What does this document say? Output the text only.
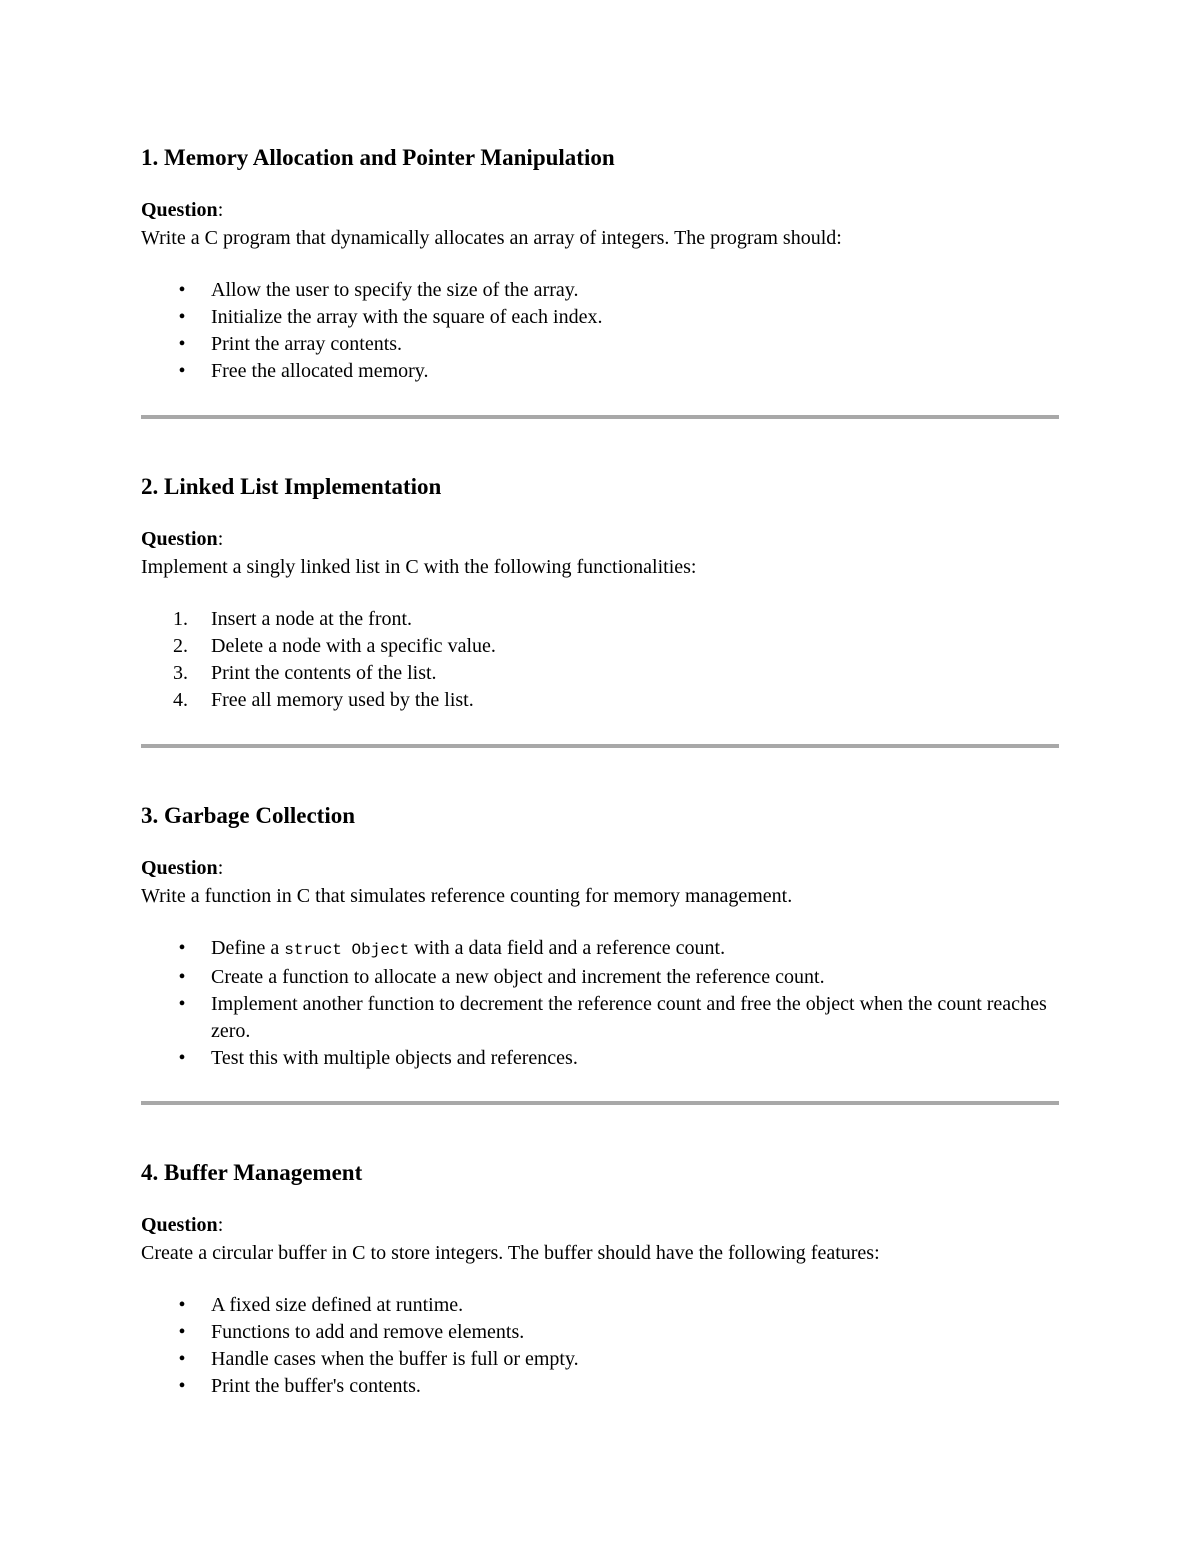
1. Memory Allocation and Pointer Manipulation
Question:
Write a C program that dynamically allocates an array of integers. The program should:
•	Allow the user to specify the size of the array.
•	Initialize the array with the square of each index.
•	Print the array contents.
•	Free the allocated memory.
2. Linked List Implementation
Question:
Implement a singly linked list in C with the following functionalities:
1.	Insert a node at the front.
2.	Delete a node with a specific value.
3.	Print the contents of the list.
4.	Free all memory used by the list.
3. Garbage Collection
Question:
Write a function in C that simulates reference counting for memory management.
•	Define a struct Object with a data field and a reference count.
•	Create a function to allocate a new object and increment the reference count.
•	Implement another function to decrement the reference count and free the object when the count reaches zero.
•	Test this with multiple objects and references.
4. Buffer Management
Question:
Create a circular buffer in C to store integers. The buffer should have the following features:
•	A fixed size defined at runtime.
•	Functions to add and remove elements.
•	Handle cases when the buffer is full or empty.
•	Print the buffer's contents.
